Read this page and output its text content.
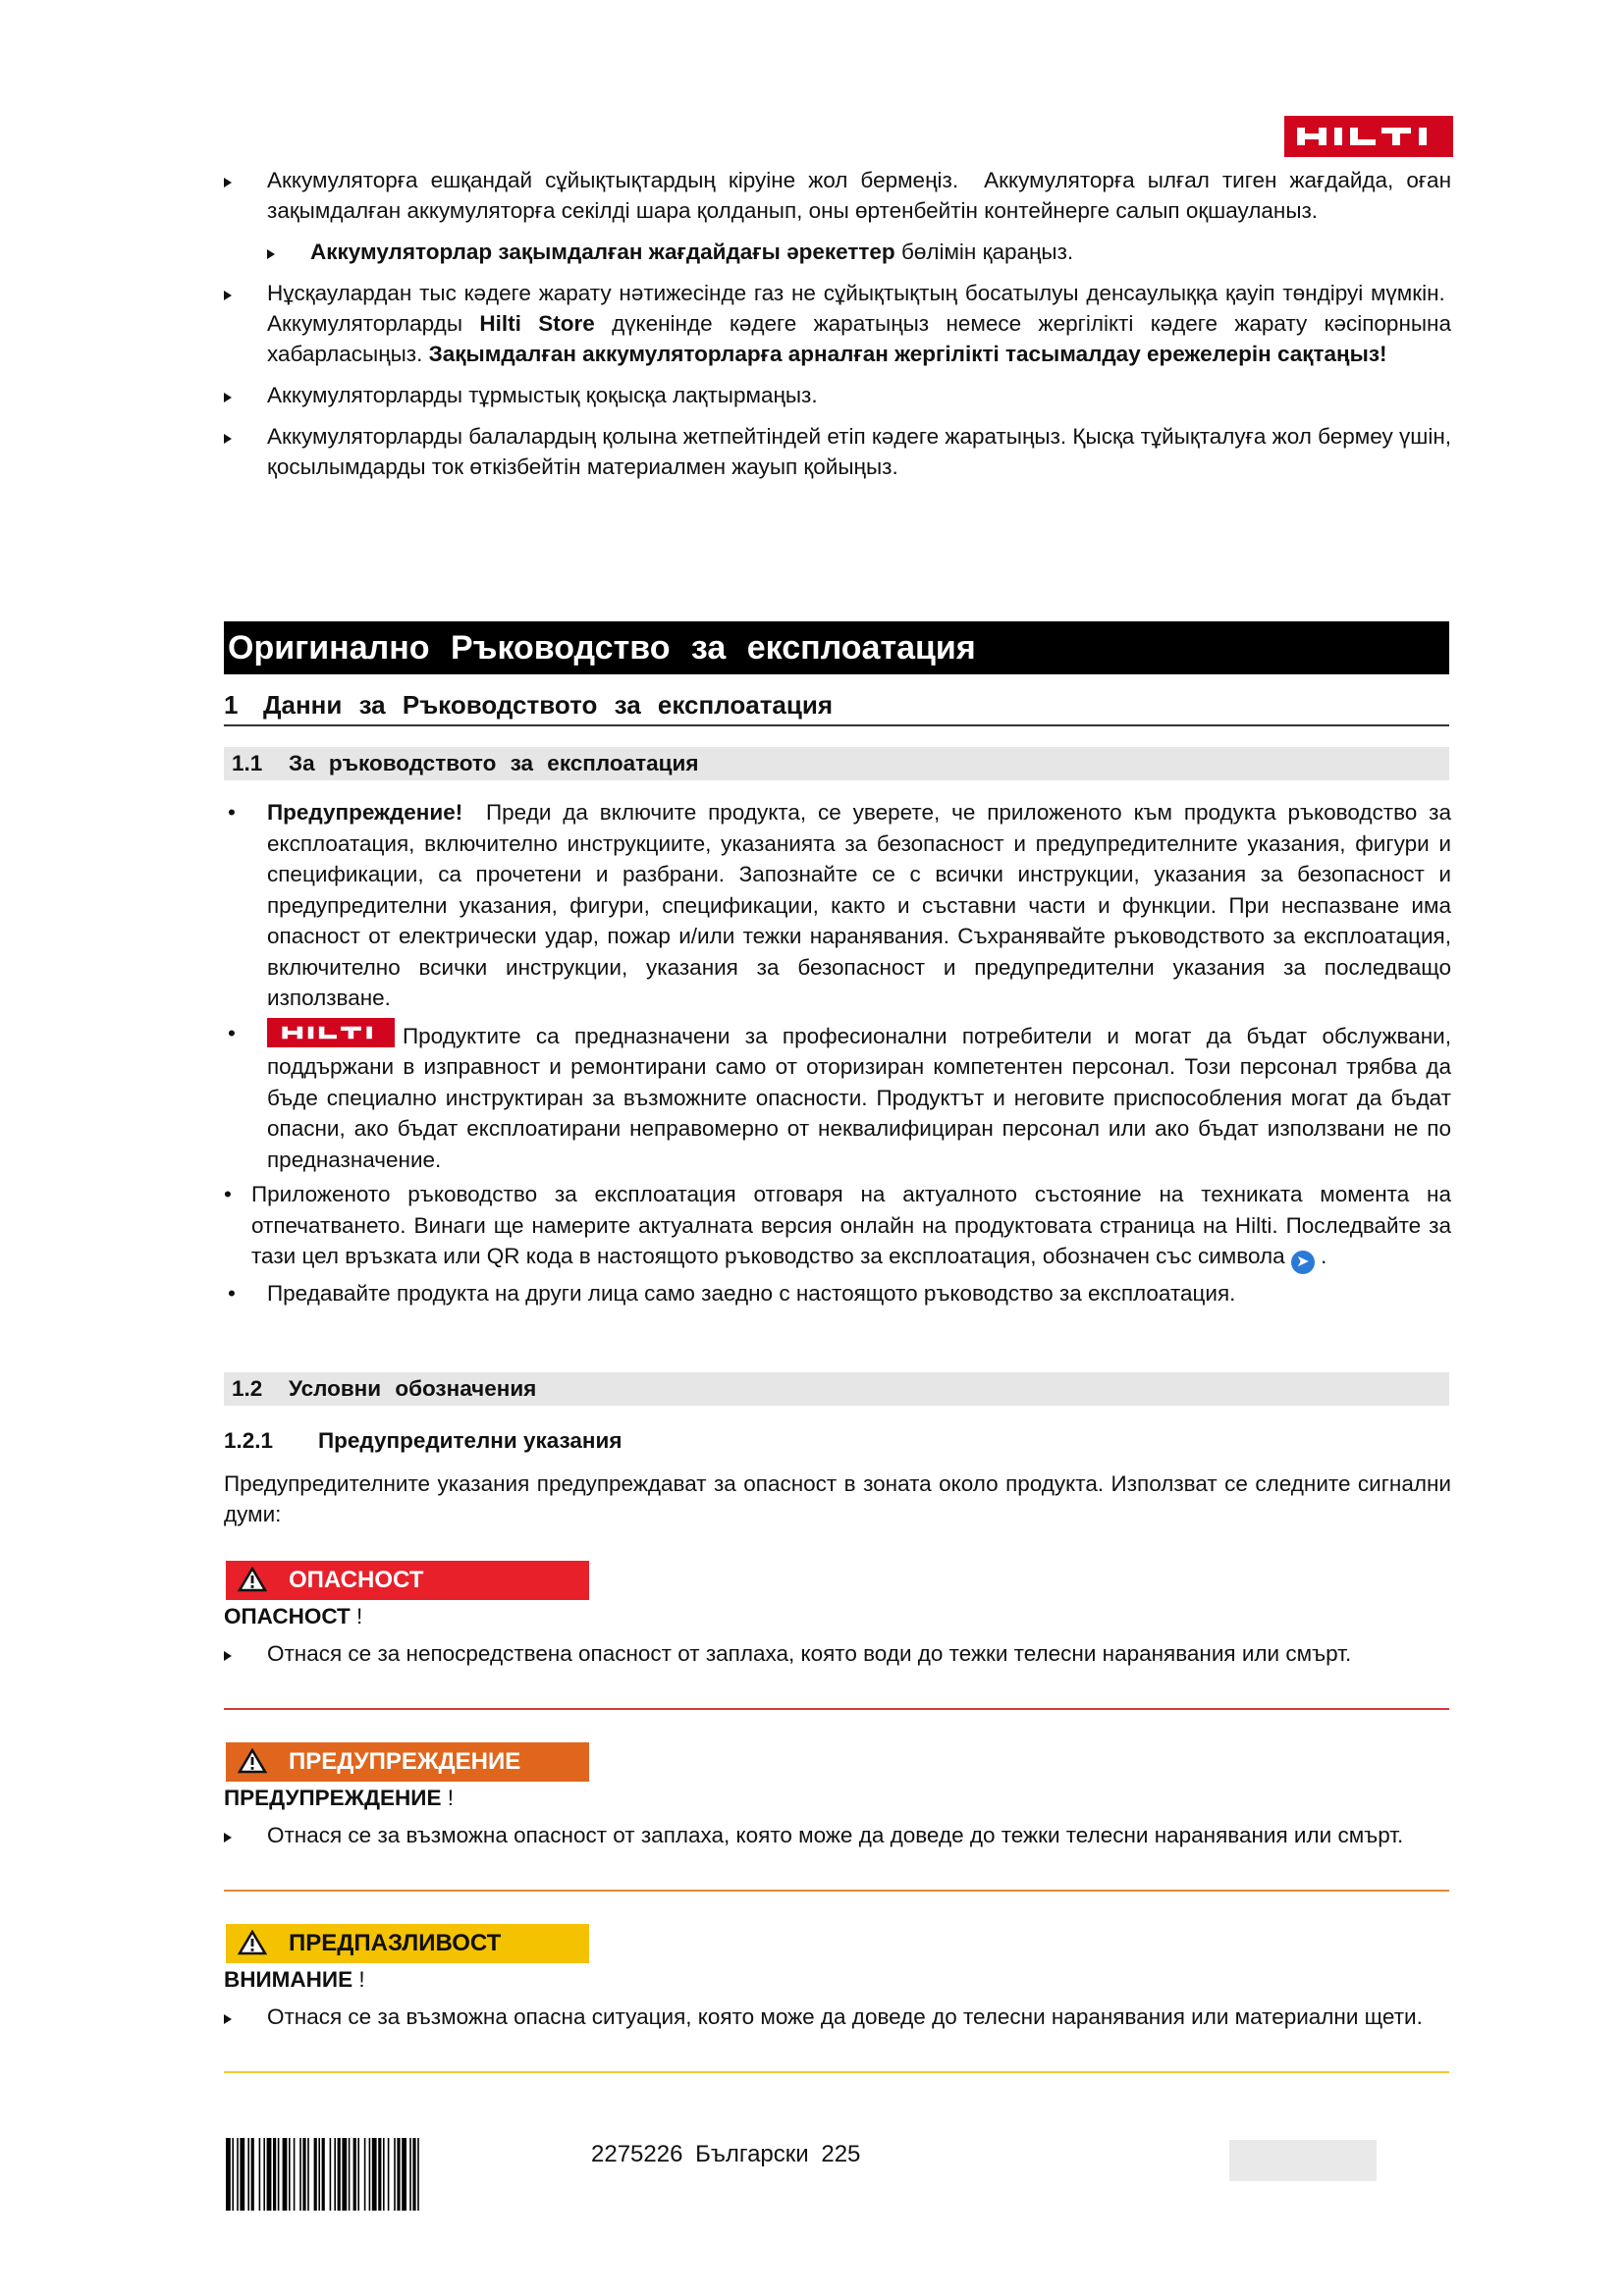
Аккумуляторға ешқандай сұйықтықтардың кіруіне жол бермеңіз.  Аккумуляторға ылғал тиген жағдайда, оған зақымдалған аккумуляторға секілді шара қолданып, оны өртенбейтін контейнерге салып оқшауланыз.
Аккумуляторлар зақымдалған жағдайдағы әрекеттер бөлімін қараңыз.
Нұсқаулардан тыс кәдеге жарату нәтижесінде газ не сұйықтықтың босатылуы денсаулыққа қауіп төндіруі мүмкін.  Аккумуляторларды Hilti Store дүкенінде кәдеге жаратыңыз немесе жергілікті кәдеге жарату кәсіпорнына хабарласыңыз. Зақымдалған аккумуляторларға арналған жергілікті тасымалдау ережелерін сақтаңыз!
Аккумуляторларды тұрмыстық қоқысқа лақтырмаңыз.
Аккумуляторларды балалардың қолына жетпейтіндей етіп кәдеге жаратыңыз. Қысқа тұйықталуға жол бермеу үшін, қосылымдарды ток өткізбейтін материалмен жауып қойыңыз.
Оригинално Ръководство за експлоатация
1 Данни за Ръководството за експлоатация
1.1 За ръководството за експлоатация
• Предупреждение!  Преди да включите продукта, се уверете, че приложеното към продукта ръководство за експлоатация, включително инструкциите, указанията за безопасност и предупредителните указания, фигури и спецификации, са прочетени и разбрани. Запознайте се с всички инструкции, указания за безопасност и предупредителни указания, фигури, спецификации, както и съставни части и функции. При неспазване има опасност от електрически удар, пожар и/или тежки наранявания. Съхранявайте ръководството за експлоатация, включително всички инструкции, указания за безопасност и предупредителни указания за последващо използване.
•	Продуктите са предназначени за професионални потребители и могат да бъдат обслужвани, поддържани в изправност и ремонтирани само от оторизиран компетентен персонал. Този персонал трябва да бъде специално инструктиран за възможните опасности. Продуктът и неговите приспособления могат да бъдат опасни, ако бъдат експлоатирани неправомерно от неквалифициран персонал или ако бъдат използвани не по предназначение.
• Приложеното ръководство за експлоатация отговаря на актуалното състояние на техниката момента на отпечатването. Винаги ще намерите актуалната версия онлайн на продуктовата страница на Hilti. Последвайте за тази цел връзката или QR кода в настоящото ръководство за експлоатация, обозначен със символа ➤ .
• Предавайте продукта на други лица само заедно с настоящото ръководство за експлоатация.
1.2 Условни обозначения
1.2.1 Предупредителни указания
Предупредителните указания предупреждават за опасност в зоната около продукта. Използват се следните сигнални думи:
ОПАСНОСТ
ОПАСНОСТ !
Отнася се за непосредствена опасност от заплаха, която води до тежки телесни наранявания или смърт.
ПРЕДУПРЕЖДЕНИЕ
ПРЕДУПРЕЖДЕНИЕ !
Отнася се за възможна опасност от заплаха, която може да доведе до тежки телесни наранявания или смърт.
ПРЕДПАЗЛИВОСТ
ВНИМАНИЕ !
Отнася се за възможна опасна ситуация, която може да доведе до телесни наранявания или материални щети.
2275226 Български 225
